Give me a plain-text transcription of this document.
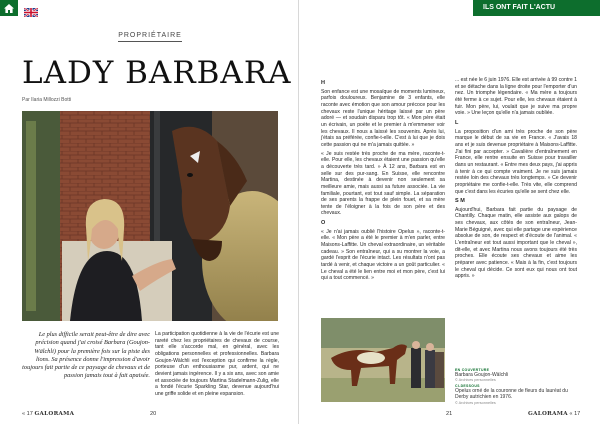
ILS ONT FAIT L'ACTU
PROPRIÉTAIRE
LADY BARBARA
Par Ilaria Millozzi Botti
Le plus difficile serait peut-être de dire avec précision quand j'ai croisé Barbara (Goujon-Wälchli) pour la première fois sur la piste des lions. Sa présence donne l'impression d'avoir toujours fait partie de ce paysage de chevaux et de passion jamais tout à fait apaisée.

La participation quotidienne à la vie de l'écurie est une rareté chez les propriétaires de chevaux de course, tant elle s'accorde mal, en général, avec les obligations personnelles et professionnelles. Barbara Goujon-Wälchli est l'exception qui confirme la règle, porteuse d'un enthousiasme pur, ardent, qui ne devient jamais ingérence. Il y a six ans, avec son amie et associée de toujours Martina Stadelmann-Zulig, elle a fondé l'écurie Sparkling Star, devenue aujourd'hui une griffe solide et en pleine expansion.

H

Son enfance est une mosaïque de moments lumineux, parfois douloureux. Benjamine de 3 enfants, elle raconte avec émotion que son amour précoce pour les chevaux reste l'unique héritage laissé par un père adoré — et soudain disparu trop tôt. « Mon père était un écrivain, un poète et le premier à m'emmener voir les chevaux. Il nous a laissé les souvenirs. Après lui, j'étais sa préférée, confie-t-elle. C'est à lui que je dois cette passion qui ne m'a jamais quittée. »

« Je suis restée très proche de ma mère, raconte-t-elle. Pour elle, les chevaux étaient une passion qu'elle a découverte très tard. » À 12 ans, Barbara est en selle sur des pur-sang. En Suisse, elle rencontre Martina, destinée à devenir non seulement sa meilleure amie, mais aussi sa future associée. La vie familiale, pourtant, est tout sauf simple. La séparation de ses parents la frappe de plein fouet, et sa mère tente de l'éloigner à la fois de son père et des chevaux.

O

« Je n'ai jamais oublié l'histoire Opelus », raconte-t-elle. « Mon père a été le premier à m'en parler, entre Maisons-Laffitte. Un cheval extraordinaire, un véritable cadeau. » Son entraîneur, qui a su montrer la voie, a gardé l'esprit de l'écurie intact. Les résultats n'ont pas tardé à venir, et chaque victoire a un goût particulier. « Le cheval a été le lien entre moi et mon père, c'est lui qui a tout commencé. »

... est née le 6 juin 1976. Elle est arrivée à 99 contre 1 et se détache dans la ligne droite pour l'emporter d'un nez. Un triomphe légendaire. « Ma mère a toujours été ferme à ce sujet. Pour elle, les chevaux étaient à fuir. Mon père, lui, voulait que je suive ma propre voie. » Une leçon qu'elle n'a jamais oubliée.

L

La proposition d'un ami très proche de son père marque le début de sa vie en France. « J'avais 18 ans et je suis devenue propriétaire à Maisons-Laffitte. J'ai fini par accepter. » Cavalière d'entraînement en France, elle rentre ensuite en Suisse pour travailler dans un restaurant. « Entre mes deux pays, j'ai appris à tenir à ce qui compte vraiment. Je ne suis jamais restée loin des chevaux très longtemps. » Ce devenir propriétaire me confie-t-elle. Très vite, elle comprend que c'est dans les écuries qu'elle se sent chez elle.

S M

Aujourd'hui, Barbara fait partie du paysage de Chantilly. Chaque matin, elle assiste aux galops de ses chevaux, aux côtés de son entraîneur, Jean-Marie Béguigné, avec qui elle partage une expérience absolue de son, de respect et d'écoute de l'animal. « L'entraîneur est tout aussi important que le cheval », dit-elle, et avec Martina nous avons toujours été très proches. Elle écoute ses chevaux et aime les préparer avec patience. « Mais à la fin, c'est toujours le cheval qui décide. Ce sont eux qui nous ont tout appris. »

EN COUVERTURE
Barbara Goujon-Wälchli
© Archives personnelles
CI-DESSOUS
Opelus orné de la couronne de fleurs du lauréat du Derby autrichien en 1976.
© Archives personnelles
« 17 GALORAMA	20	21	GALORAMA « 17
